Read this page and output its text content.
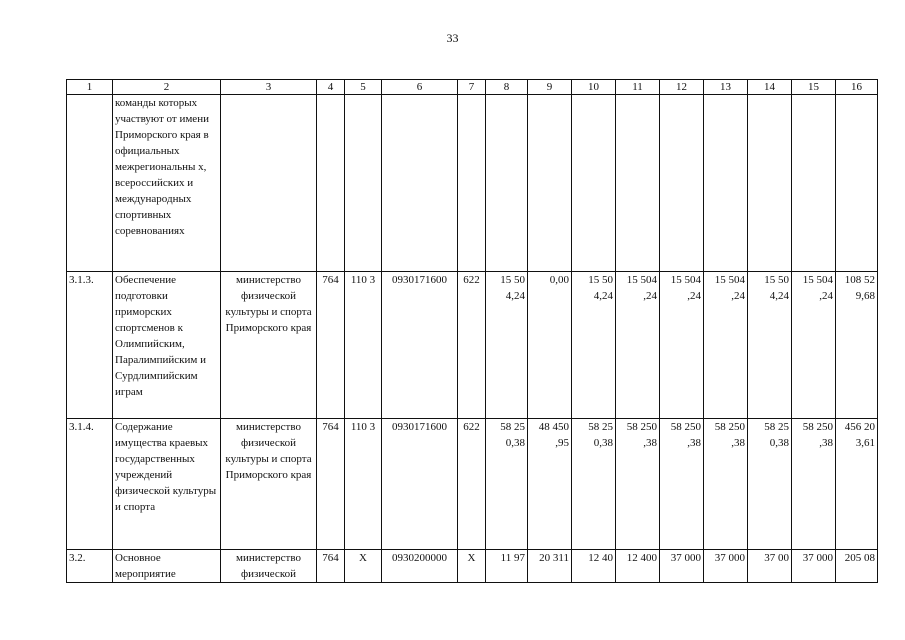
33
1	2	3	4	5	6	7	8	9	10	11	12	13	14	15	16
	команды которых участвуют от имени Приморского края в официальных межрегиональны х, всероссийских и международных спортивных соревнованиях														
3.1.3.	Обеспечение подготовки приморских спортсменов к Олимпийским, Паралимпийским и Сурдлимпийским играм	министерство физической культуры и спорта Приморского края	764	110 3	0930171600	622	15 50 4,24	0,00	15 50 4,24	15 504 ,24	15 504 ,24	15 504 ,24	15 50 4,24	15 504 ,24	108 52 9,68
3.1.4.	Содержание имущества краевых государственных учреждений физической культуры и спорта	министерство физической культуры и спорта Приморского края	764	110 3	0930171600	622	58 25 0,38	48 450 ,95	58 25 0,38	58 250 ,38	58 250 ,38	58 250 ,38	58 25 0,38	58 250 ,38	456 20 3,61
3.2.	Основное мероприятие	министерство физической	764	Х	0930200000	Х	11 97	20 311	12 40	12 400	37 000	37 000	37 00	37 000	205 08
